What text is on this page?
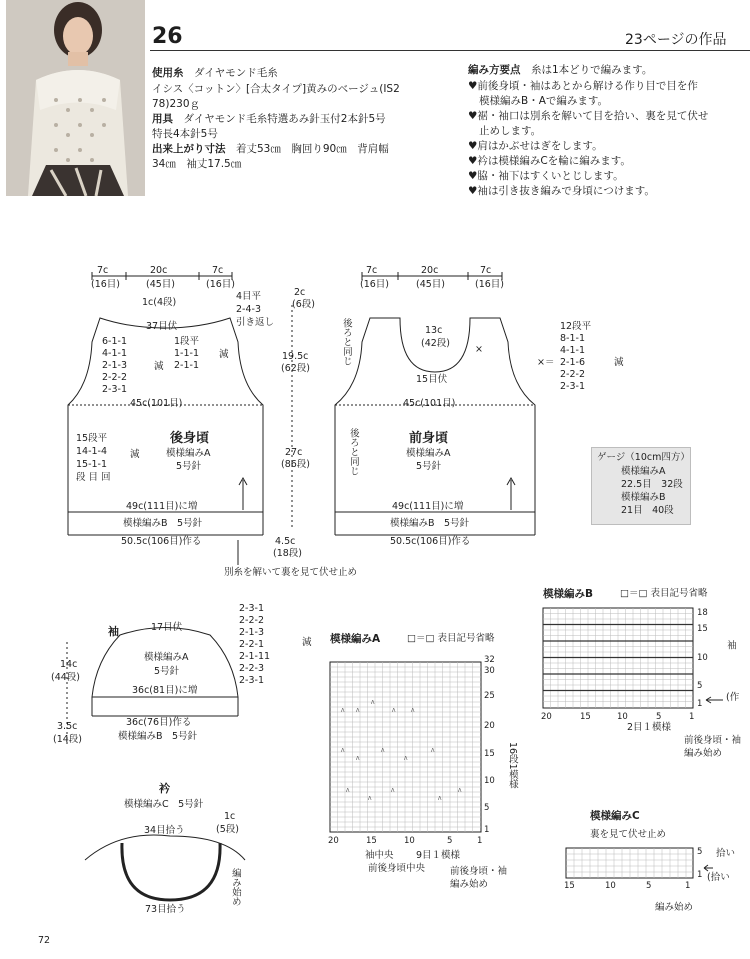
26	23ページの作品
使用糸　 ダイヤモンド毛糸
イシス〈コットン〉[合太タイプ]黄みのベージュ(IS2
78)230ｇ
用具　 ダイヤモンド毛糸特選あみ針玉付2本針5号
特長4本針5号
出来上がり寸法　 着丈53㎝　胸回り90㎝　背肩幅
34㎝　袖丈17.5㎝
編み方要点　 糸は1本どりで編みます。
♥前後身頃・袖はあとから解ける作り目で目を作
模様編みB・Aで編みます。
♥裾・袖口は別糸を解いて目を拾い、裏を見て伏せ
止めします。
♥肩はかぶせはぎをします。
♥衿は模様編みCを輪に編みます。
♥脇・袖下はすくいとじします。
♥袖は引き抜き編みで身頃につけます。
ᐱ ᐱ
ᐱ
ᐱ	ᐱ
ᐱ
ᐱ
ᐱ
ᐱ
ᐱ
ᐱ
ᐱ
ᐱ
ᐱ
ᐱ
7c
(16目)
20c
(45目)
7c
(16目)
1c(4段)
4目平
2-4-3
引き返し
37目伏
1段平
1-1-1
2-1-1
減
6-1-1
4-1-1
2-1-3
2-2-2
2-3-1
減
2c
(6段)
19.5c
(62段)
45c(101目)
後身頃
模様編みA
5号針
15段平
14-1-4
15-1-1
段 目 回
減	27c
(86段)
49c(111目)に増
模様編みB　5号針
4.5c
(18段)
50.5c(106目)作る
別糸を解いて裏を見て伏せ止め
7c
(16目)
20c
(45目)
7c
(16目)
後ろと同じ	13c
(42段)
15目伏
×
12段平
8-1-1
4-1-1
2-1-6
2-2-2
2-3-1
×＝	減
45c(101目)
前身頃
模様編みA
5号針
後ろと同じ
49c(111目)に増
模様編みB　5号針
50.5c(106目)作る
ゲージ（10cm四方）
模様編みA
22.5目　32段
模様編みB
21目　40段
袖	17目伏
模様編みA
5号針
2-3-1
2-2-2
2-1-3
2-2-1
2-1-11
2-2-3
2-3-1
減
14c
(44段)
36c(81目)に増
3.5c
(14段)
36c(76目)作る
模様編みB　5号針
衿
模様編みC　5号針
34目拾う
1c
(5段)
編み始め
73目拾う
模様編みA	□＝□ 表目記号省略
32
30
25
20
15
10
5
1
20	15	10	5	1
16段1模様
袖中央
前後身頃中央
9目１模様
前後身頃・袖
編み始め
模様編みB	□＝□ 表目記号省略
18
15
10
5
1
20	15	10	5	1
袖
(作
2目１模様
前後身頃・袖
編み始め
模様編みC
裏を見て伏せ止め
15	10	5	1
5
1
拾い
(拾い
編み始め
72
